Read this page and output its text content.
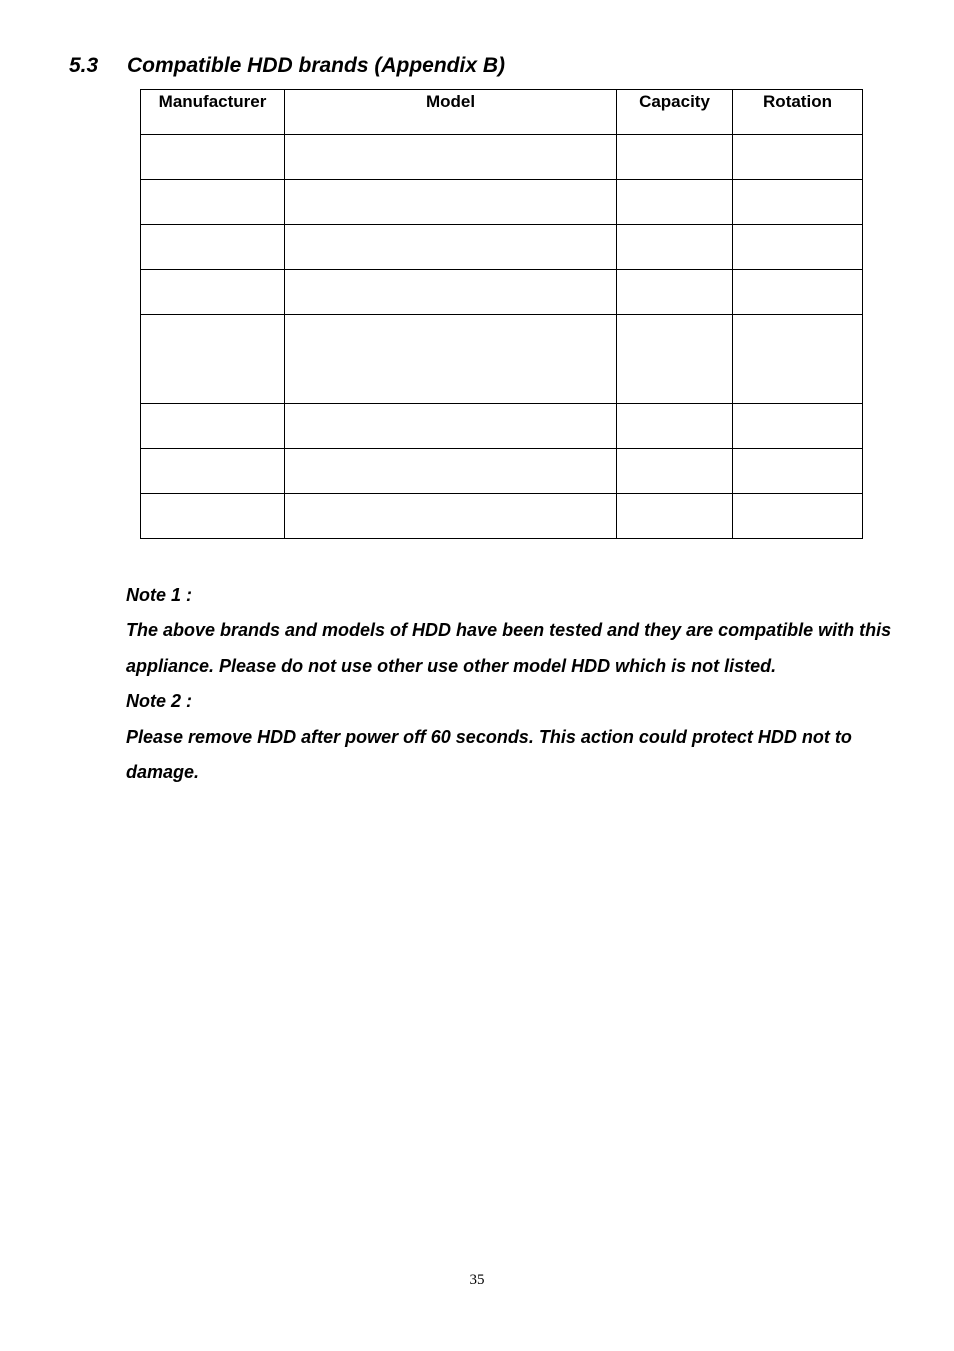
5.3 Compatible HDD brands (Appendix B)
Manufacturer	Model	Capacity	Rotation

Note 1 :

The above brands and models of HDD have been tested and they are compatible with this appliance. Please do not use other use other model HDD which is not listed.

Note 2 :

Please remove HDD after power off 60 seconds. This action could protect HDD not to damage.

35
